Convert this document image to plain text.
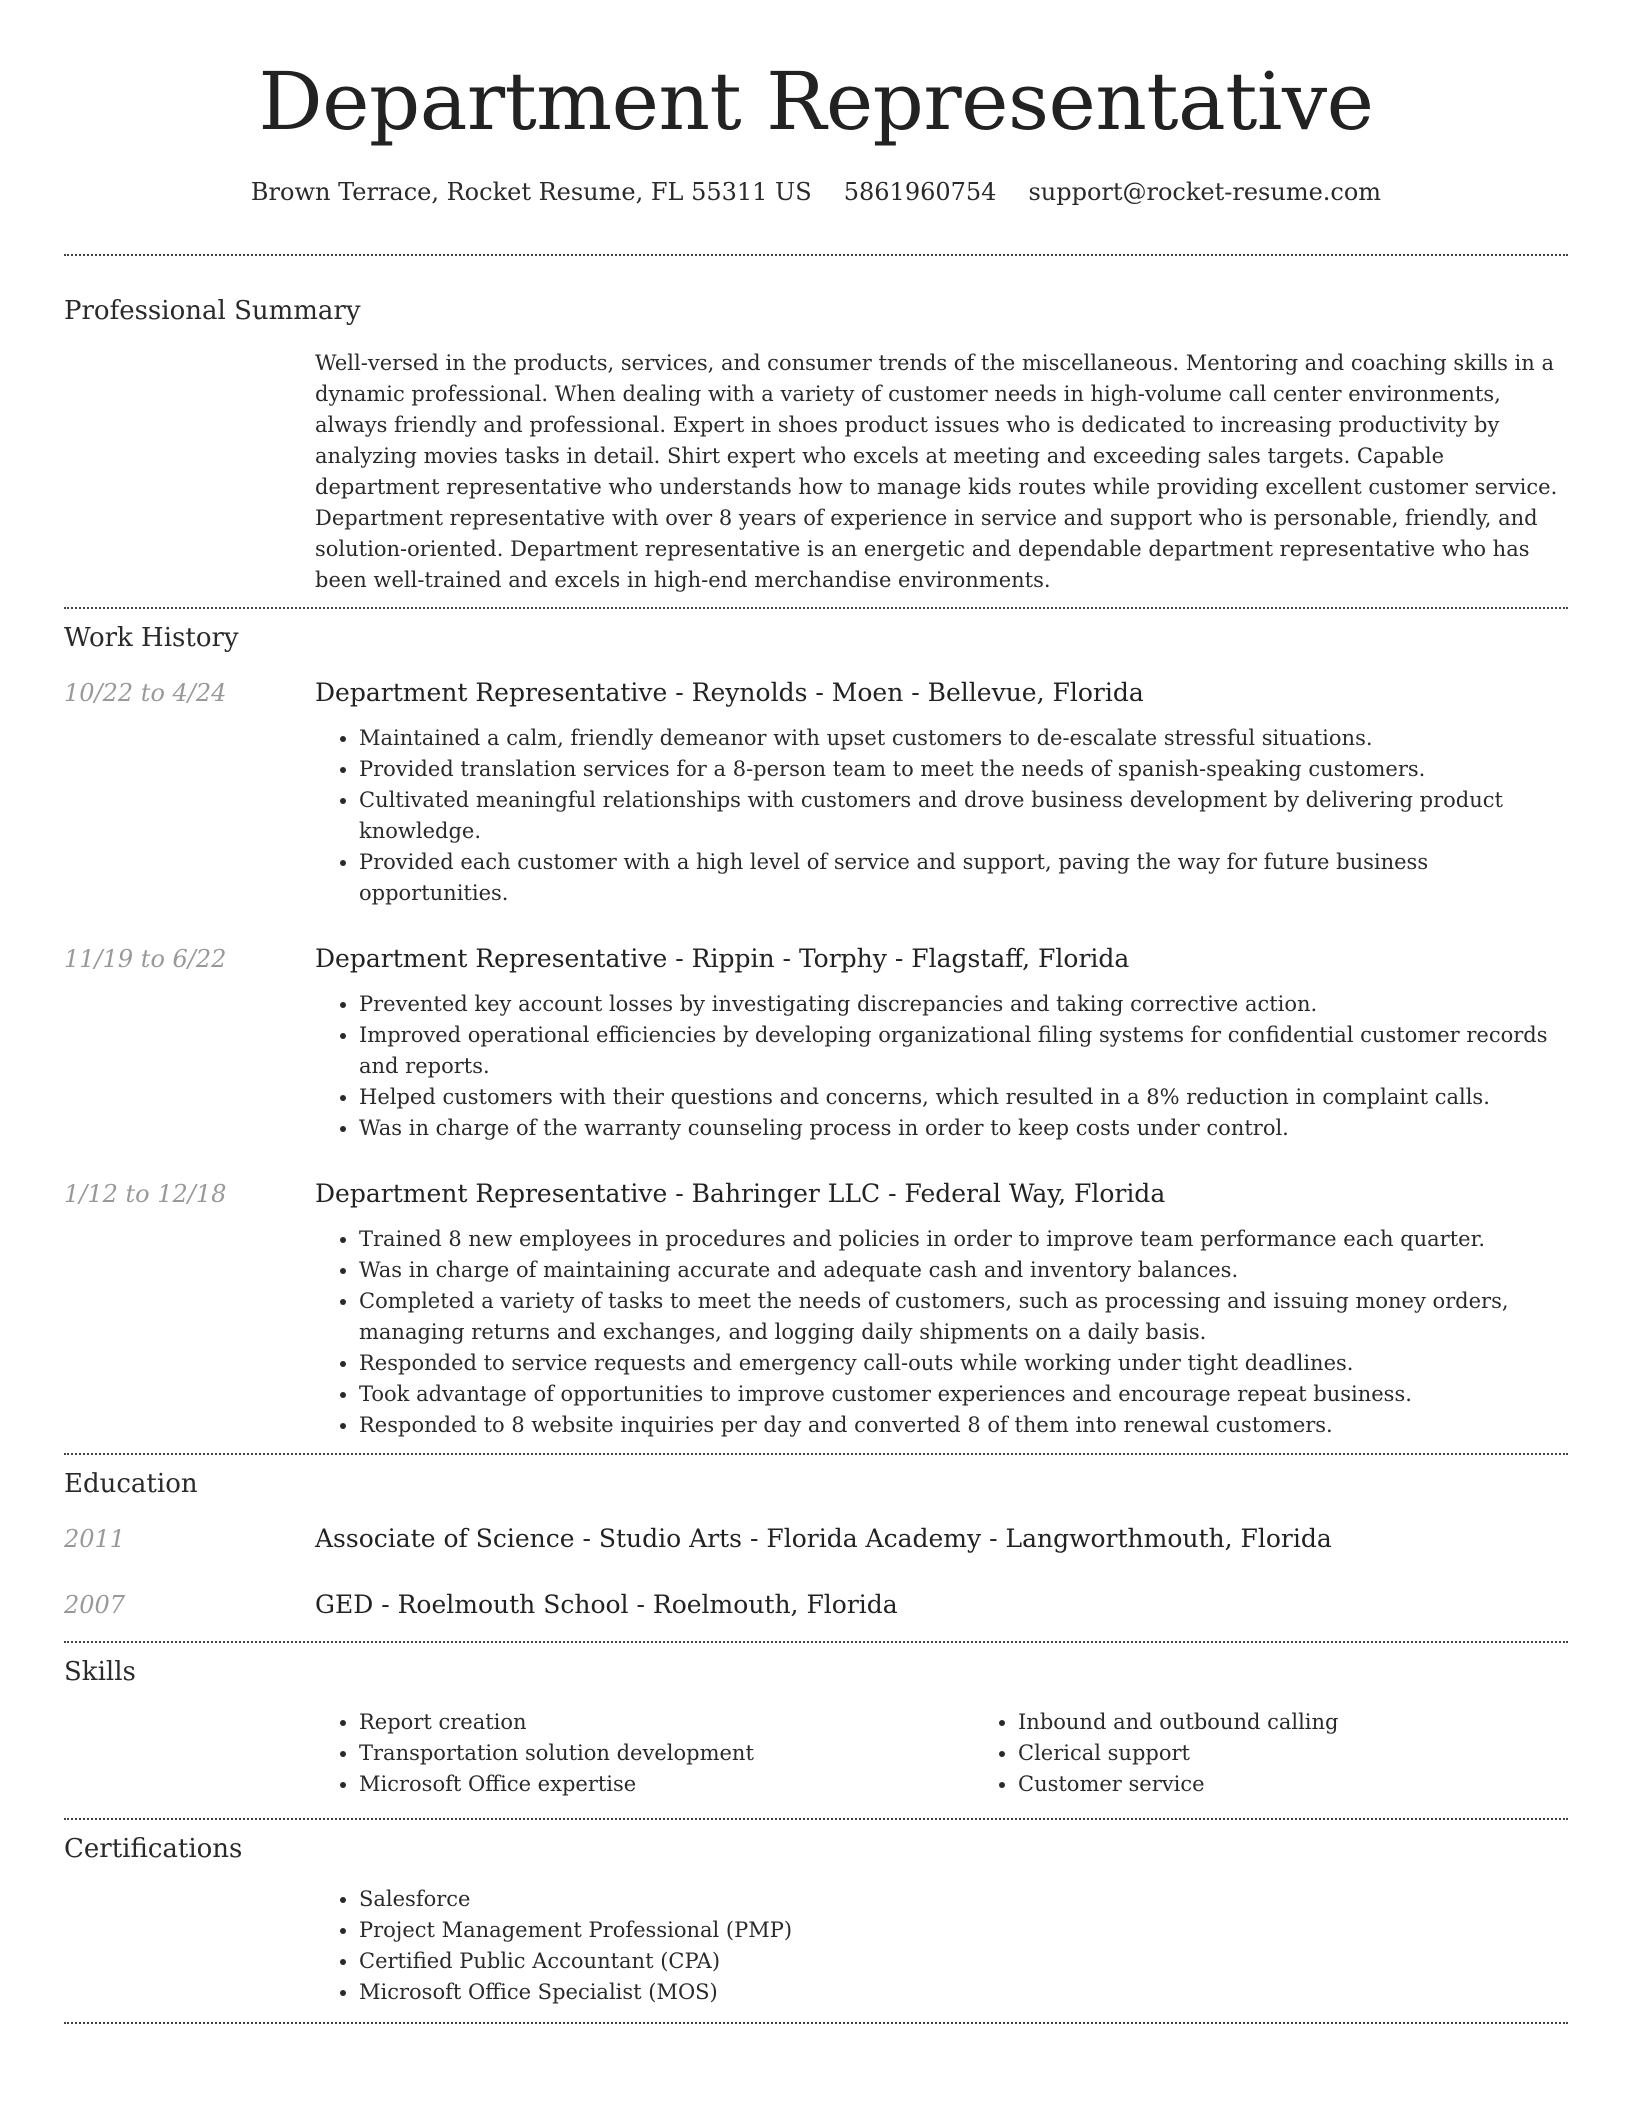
Department Representative
Brown Terrace, Rocket Resume, FL 55311 US 5861960754 support@rocket-resume.com
Professional Summary

Well-versed in the products, services, and consumer trends of the miscellaneous. Mentoring and coaching skills in a dynamic professional. When dealing with a variety of customer needs in high-volume call center environments, always friendly and professional. Expert in shoes product issues who is dedicated to increasing productivity by analyzing movies tasks in detail. Shirt expert who excels at meeting and exceeding sales targets. Capable department representative who understands how to manage kids routes while providing excellent customer service. Department representative with over 8 years of experience in service and support who is personable, friendly, and solution-oriented. Department representative is an energetic and dependable department representative who has been well-trained and excels in high-end merchandise environments.

Work History
10/22 to 4/24	Department Representative - Reynolds - Moen - Bellevue, Florida
• Maintained a calm, friendly demeanor with upset customers to de-escalate stressful situations.
• Provided translation services for a 8-person team to meet the needs of spanish-speaking customers.
• Cultivated meaningful relationships with customers and drove business development by delivering product knowledge.
• Provided each customer with a high level of service and support, paving the way for future business opportunities.
11/19 to 6/22	Department Representative - Rippin - Torphy - Flagstaff, Florida
• Prevented key account losses by investigating discrepancies and taking corrective action.
• Improved operational efficiencies by developing organizational filing systems for confidential customer records and reports.
• Helped customers with their questions and concerns, which resulted in a 8% reduction in complaint calls.
• Was in charge of the warranty counseling process in order to keep costs under control.
1/12 to 12/18	Department Representative - Bahringer LLC - Federal Way, Florida
• Trained 8 new employees in procedures and policies in order to improve team performance each quarter.
• Was in charge of maintaining accurate and adequate cash and inventory balances.
• Completed a variety of tasks to meet the needs of customers, such as processing and issuing money orders, managing returns and exchanges, and logging daily shipments on a daily basis.
• Responded to service requests and emergency call-outs while working under tight deadlines.
• Took advantage of opportunities to improve customer experiences and encourage repeat business.
• Responded to 8 website inquiries per day and converted 8 of them into renewal customers.
Education
2011	Associate of Science - Studio Arts - Florida Academy - Langworthmouth, Florida
2007	GED - Roelmouth School - Roelmouth, Florida
Skills
• Report creation
• Transportation solution development
• Microsoft Office expertise
• Inbound and outbound calling
• Clerical support
• Customer service
Certifications
• Salesforce
• Project Management Professional (PMP)
• Certified Public Accountant (CPA)
• Microsoft Office Specialist (MOS)
